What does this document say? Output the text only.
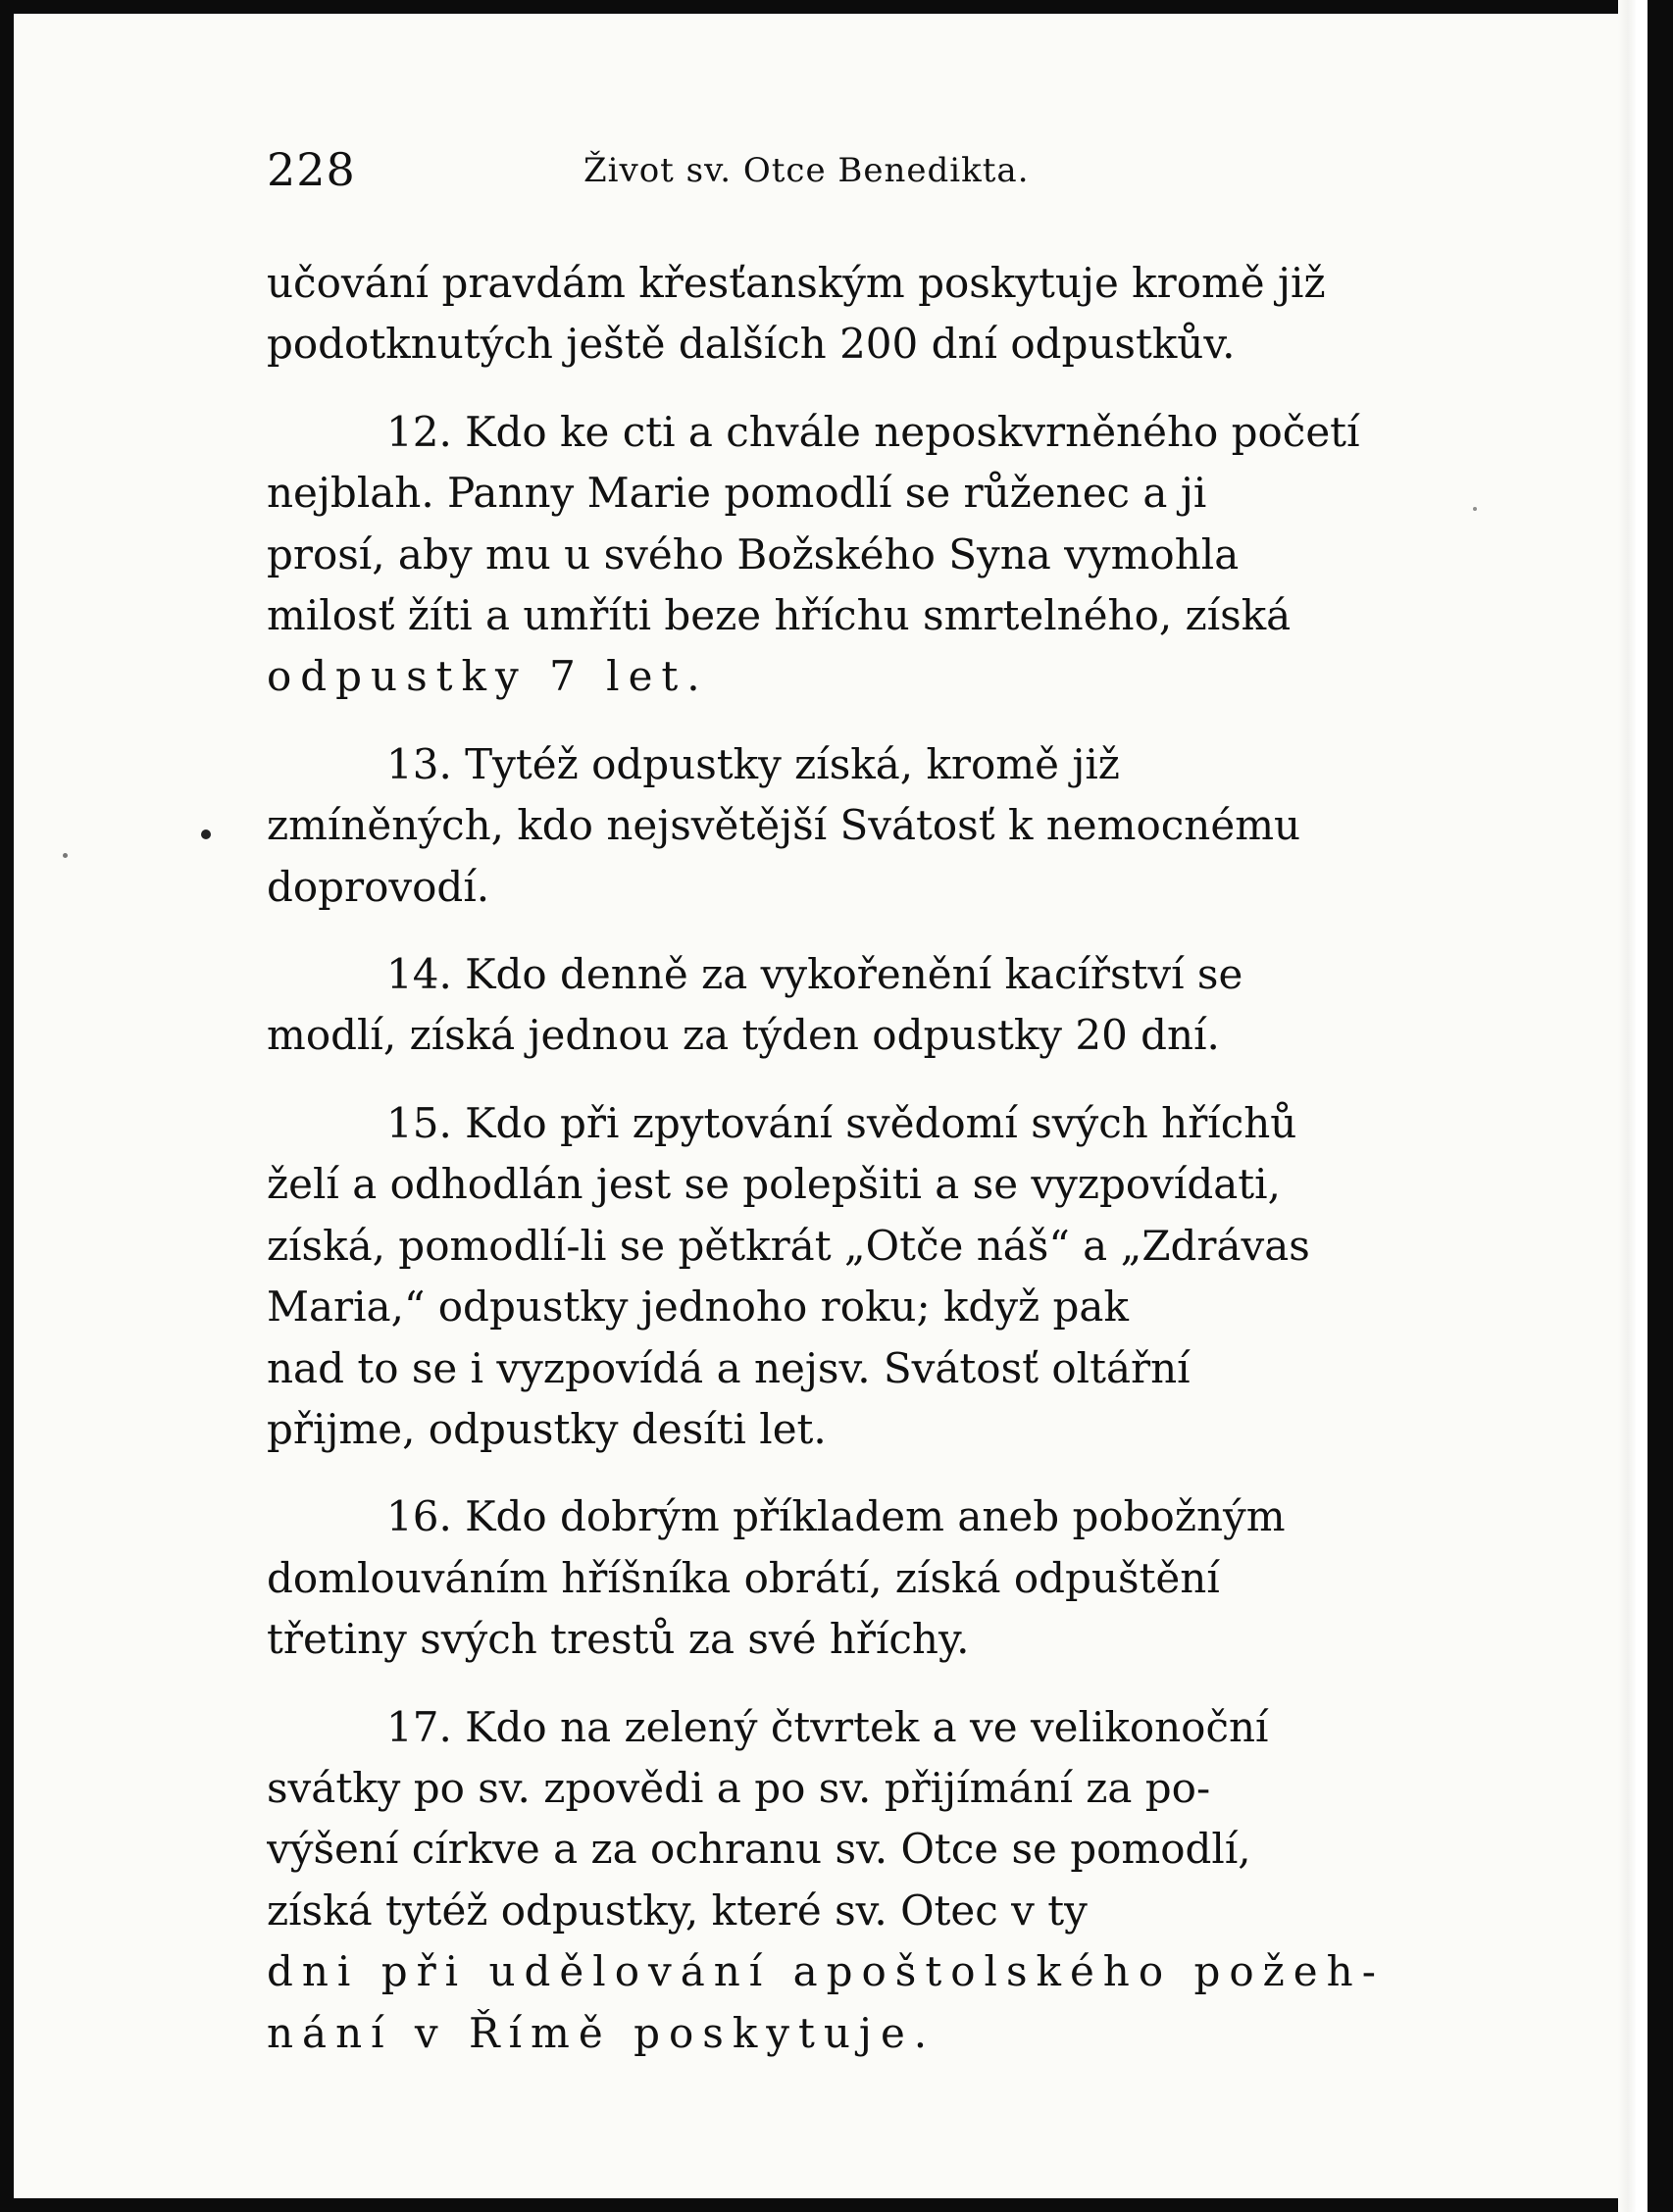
228	Život sv. Otce Benedikta.

učování pravdám křesťanským poskytuje kromě již
podotknutých ještě dalších 200 dní odpustkův.

12. Kdo ke cti a chvále neposkvrněného početí
nejblah. Panny Marie pomodlí se růženec a ji
prosí, aby mu u svého Božského Syna vymohla
milosť žíti a umříti beze hříchu smrtelného, získá
odpustky 7 let.

13. Tytéž odpustky získá, kromě již
zmíněných, kdo nejsvětější Svátosť k nemocnému
doprovodí.

14. Kdo denně za vykořenění kacířství se
modlí, získá jednou za týden odpustky 20 dní.

15. Kdo při zpytování svědomí svých hříchů
želí a odhodlán jest se polepšiti a se vyzpovídati,
získá, pomodlí-li se pětkrát „Otče náš“ a „Zdrávas
Maria,“ odpustky jednoho roku; když pak
nad to se i vyzpovídá a nejsv. Svátosť oltářní
přijme, odpustky desíti let.

16. Kdo dobrým příkladem aneb pobožným
domlouváním hříšníka obrátí, získá odpuštění
třetiny svých trestů za své hříchy.

17. Kdo na zelený čtvrtek a ve velikonoční
svátky po sv. zpovědi a po sv. přijímání za po-
výšení církve a za ochranu sv. Otce se pomodlí,
získá tytéž odpustky, které sv. Otec v ty
dni při udělování apoštolského požeh-
nání v Římě poskytuje.
